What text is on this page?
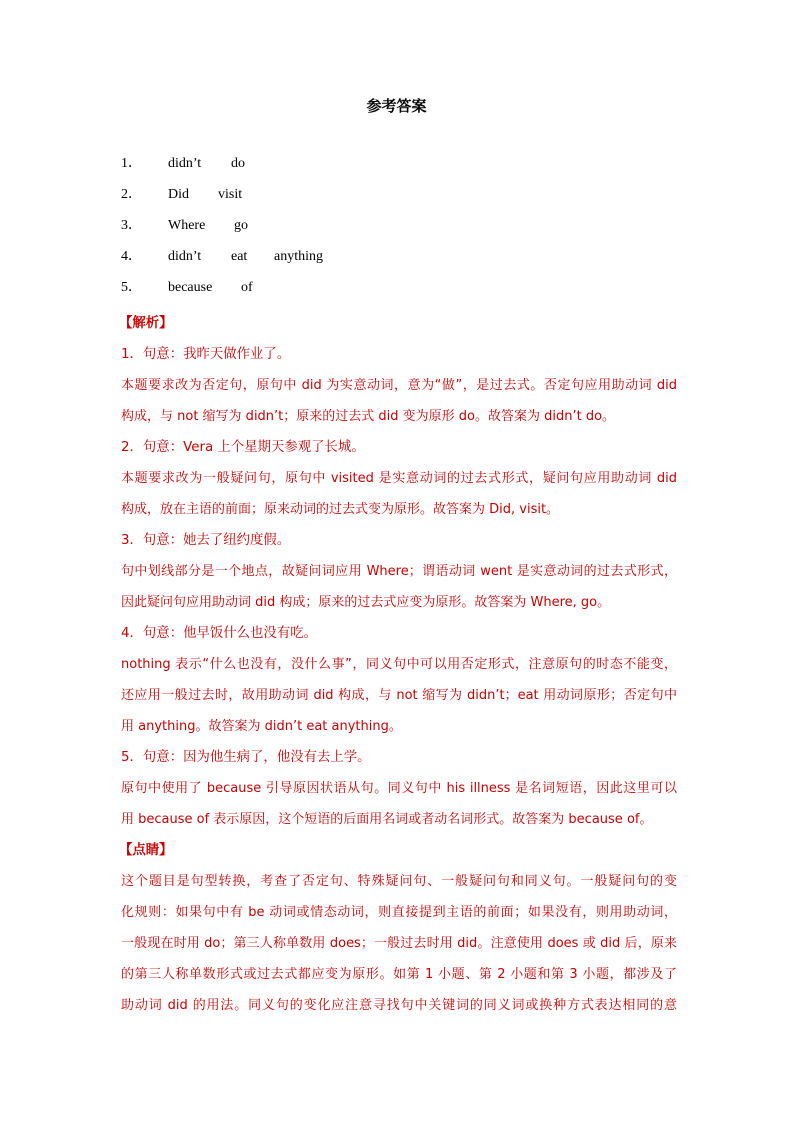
参考答案
1． didn’t do
2． Did visit
3． Where go
4． didn’t eat anything
5． because of
【解析】
1．句意：我昨天做作业了。
本题要求改为否定句，原句中 did 为实意动词，意为“做”，是过去式。否定句应用助动词 did
构成，与 not 缩写为 didn’t；原来的过去式 did 变为原形 do。故答案为 didn’t do。
2．句意：Vera 上个星期天参观了长城。
本题要求改为一般疑问句，原句中 visited 是实意动词的过去式形式，疑问句应用助动词 did
构成，放在主语的前面；原来动词的过去式变为原形。故答案为 Did, visit。
3．句意：她去了纽约度假。
句中划线部分是一个地点，故疑问词应用 Where；谓语动词 went 是实意动词的过去式形式，
因此疑问句应用助动词 did 构成；原来的过去式应变为原形。故答案为 Where, go。
4．句意：他早饭什么也没有吃。
nothing 表示“什么也没有，没什么事”，同义句中可以用否定形式，注意原句的时态不能变，
还应用一般过去时，故用助动词 did 构成，与 not 缩写为 didn’t；eat 用动词原形；否定句中
用 anything。故答案为 didn’t eat anything。
5．句意：因为他生病了，他没有去上学。
原句中使用了 because 引导原因状语从句。同义句中 his illness 是名词短语，因此这里可以
用 because of 表示原因，这个短语的后面用名词或者动名词形式。故答案为 because of。
【点睛】
这个题目是句型转换，考查了否定句、特殊疑问句、一般疑问句和同义句。一般疑问句的变
化规则：如果句中有 be 动词或情态动词，则直接提到主语的前面；如果没有，则用助动词，
一般现在时用 do；第三人称单数用 does；一般过去时用 did。注意使用 does 或 did 后，原来
的第三人称单数形式或过去式都应变为原形。如第 1 小题、第 2 小题和第 3 小题，都涉及了
助动词 did 的用法。同义句的变化应注意寻找句中关键词的同义词或换种方式表达相同的意
